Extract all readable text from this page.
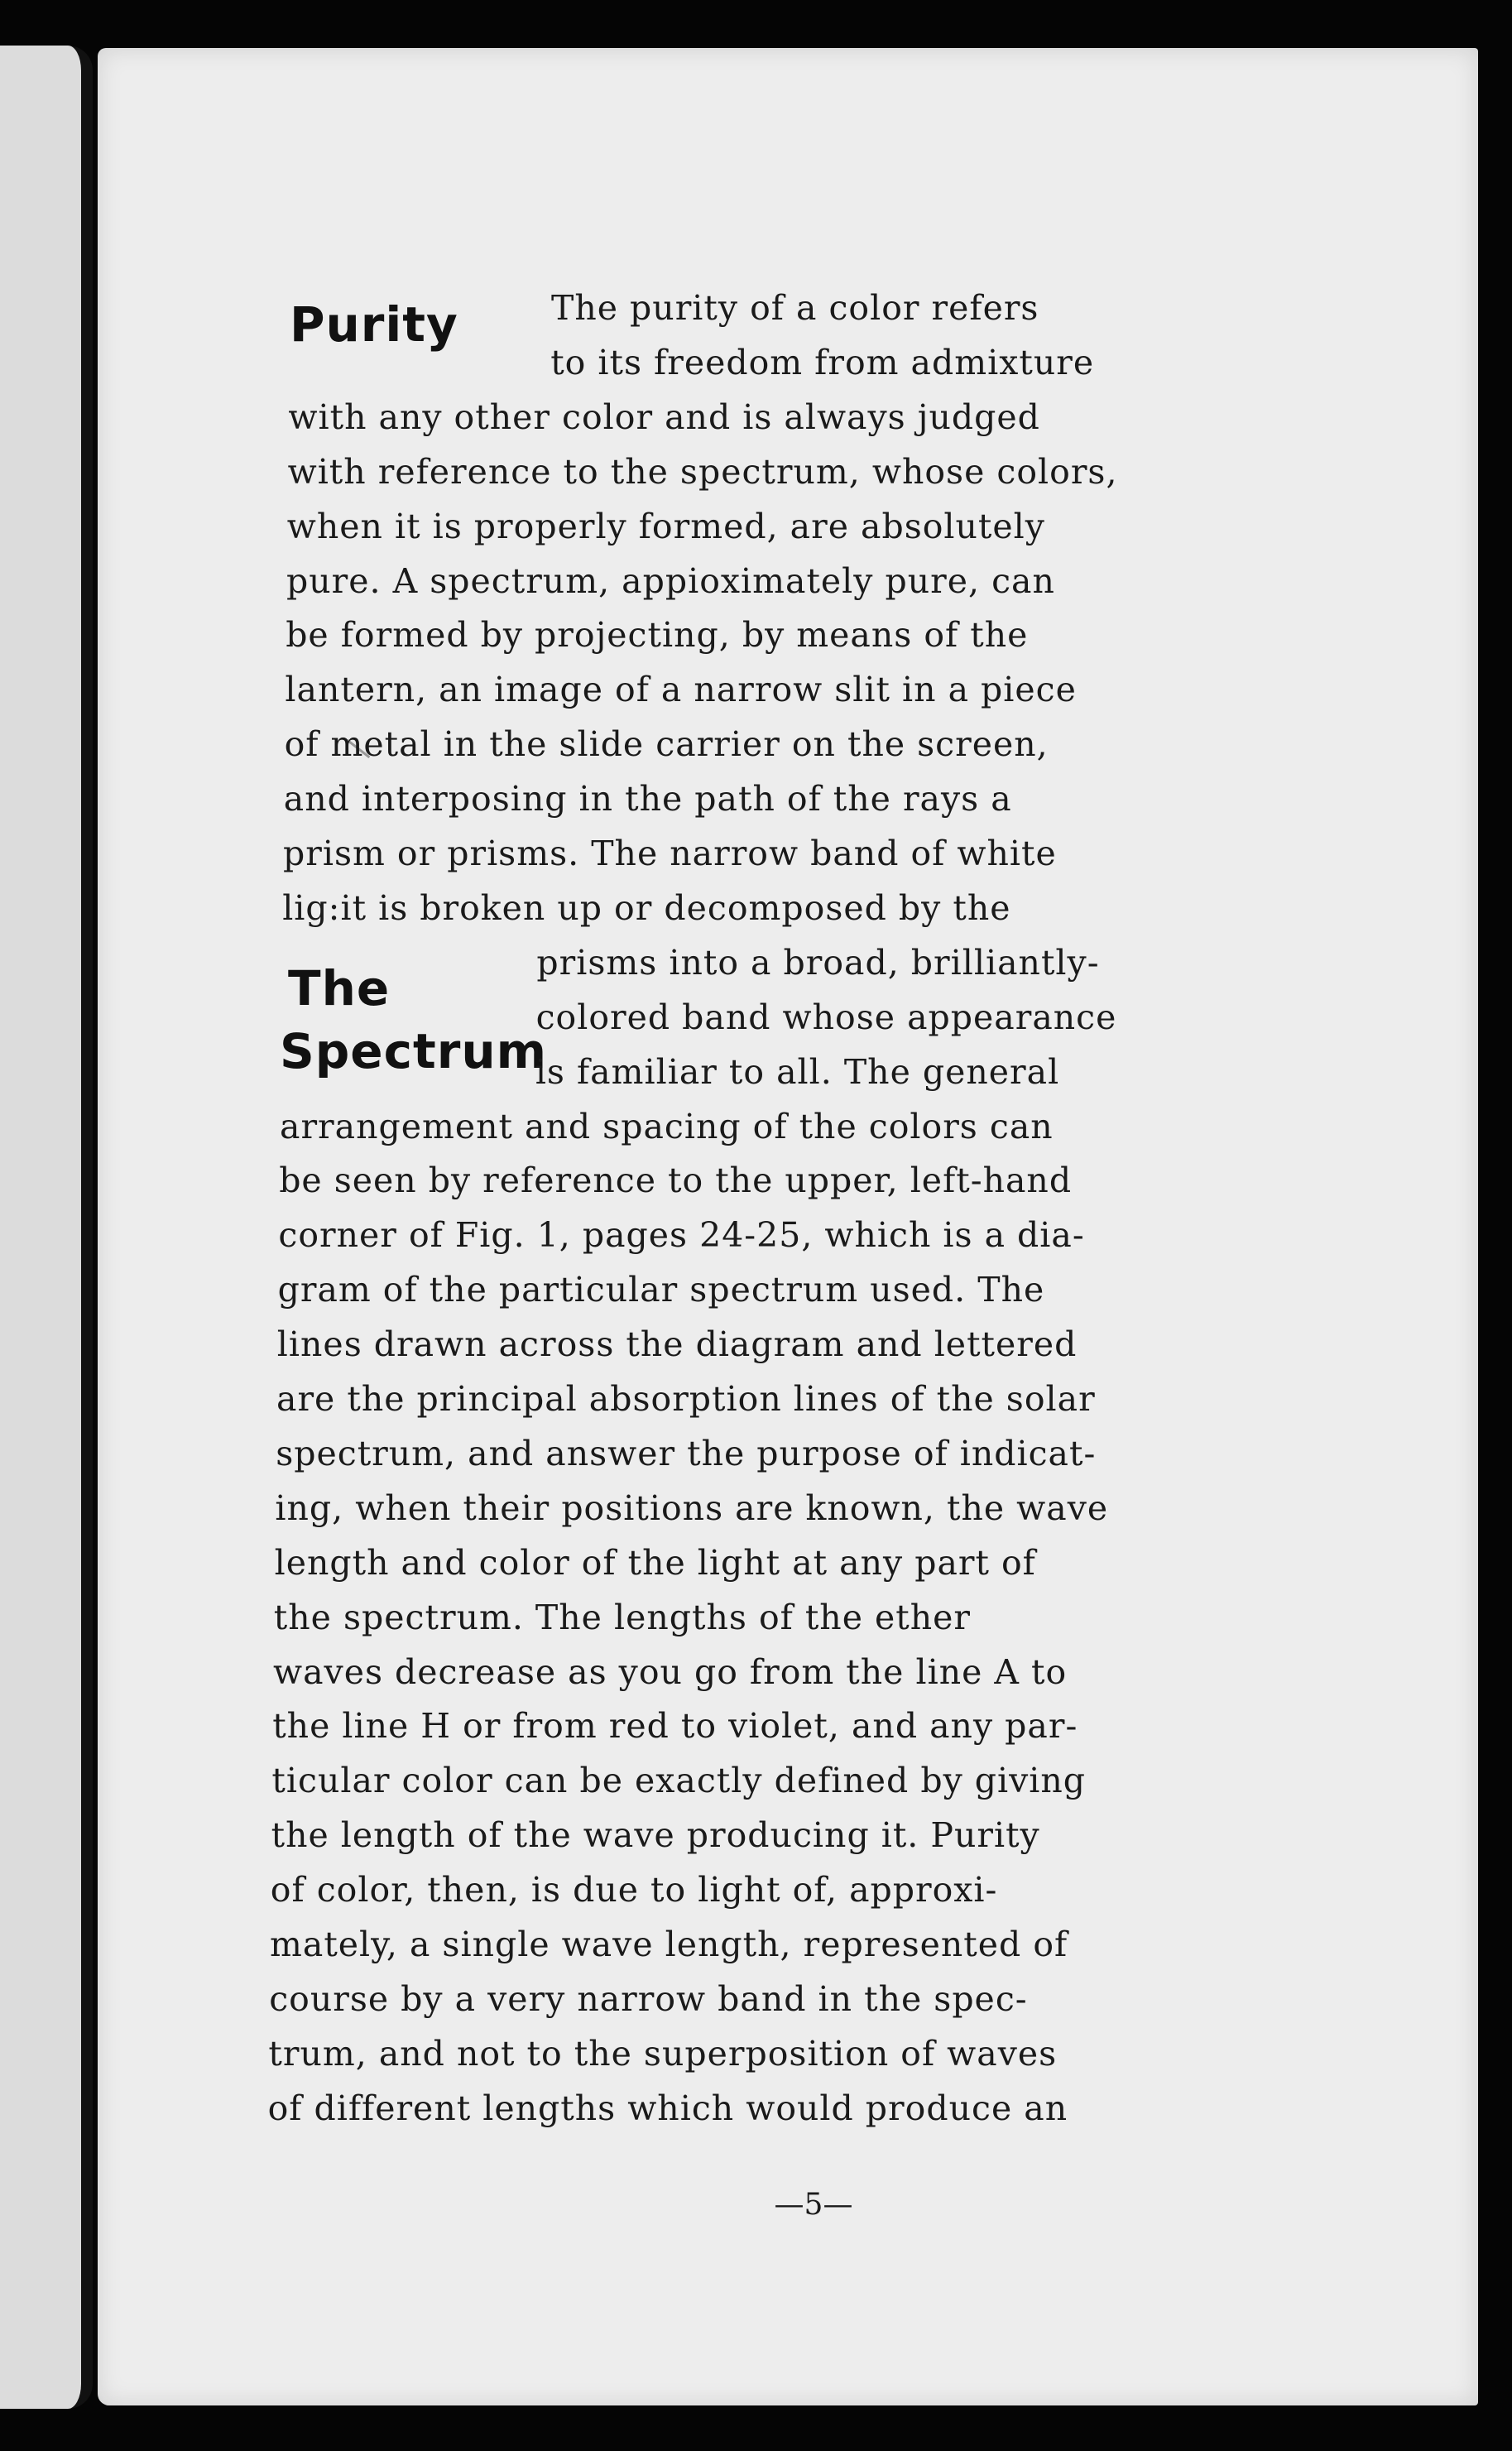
Purity
The
Spectrum
The purity of a color refers
to its freedom from admixture
with any other color and is always judged
with reference to the spectrum, whose colors,
when it is properly formed, are absolutely
pure. A spectrum, appioximately pure, can
be formed by projecting, by means of the
lantern, an image of a narrow slit in a piece
of metal in the slide carrier on the screen,
and interposing in the path of the rays a
prism or prisms. The narrow band of white
lig:it is broken up or decomposed by the
prisms into a broad, brilliantly-
colored band whose appearance
is familiar to all. The general
arrangement and spacing of the colors can
be seen by reference to the upper, left-hand
corner of Fig. 1, pages 24-25, which is a dia-
gram of the particular spectrum used. The
lines drawn across the diagram and lettered
are the principal absorption lines of the solar
spectrum, and answer the purpose of indicat-
ing, when their positions are known, the wave
length and color of the light at any part of
the spectrum. The lengths of the ether
waves decrease as you go from the line A to
the line H or from red to violet, and any par-
ticular color can be exactly defined by giving
the length of the wave producing it. Purity
of color, then, is due to light of, approxi-
mately, a single wave length, represented of
course by a very narrow band in the spec-
trum, and not to the superposition of waves
of different lengths which would produce an
—5—
